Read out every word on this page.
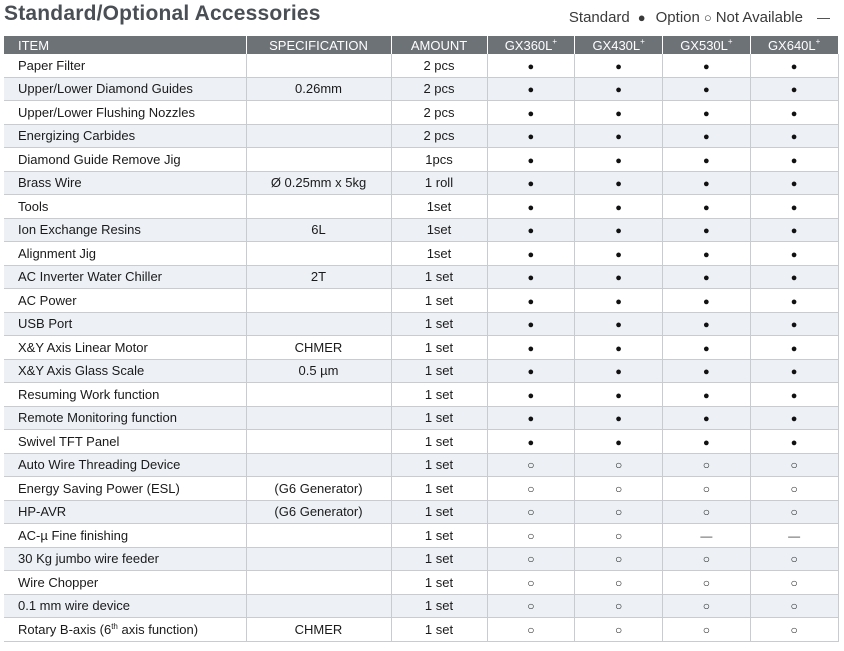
Standard/Optional Accessories	Standard ● Option ○ Not Available —
ITEM	SPECIFICATION	AMOUNT	GX360L+	GX430L+	GX530L+	GX640L+
Paper Filter		2 pcs	●	●	●	●
Upper/Lower Diamond Guides	0.26mm	2 pcs	●	●	●	●
Upper/Lower Flushing Nozzles		2 pcs	●	●	●	●
Energizing Carbides		2 pcs	●	●	●	●
Diamond Guide Remove Jig		1pcs	●	●	●	●
Brass Wire	Ø 0.25mm x 5kg	1 roll	●	●	●	●
Tools		1set	●	●	●	●
Ion Exchange Resins	6L	1set	●	●	●	●
Alignment Jig		1set	●	●	●	●
AC Inverter Water Chiller	2T	1 set	●	●	●	●
AC Power		1 set	●	●	●	●
USB Port		1 set	●	●	●	●
X&Y Axis Linear Motor	CHMER	1 set	●	●	●	●
X&Y Axis Glass Scale	0.5 µm	1 set	●	●	●	●
Resuming Work function		1 set	●	●	●	●
Remote Monitoring function		1 set	●	●	●	●
Swivel TFT Panel		1 set	●	●	●	●
Auto Wire Threading Device		1 set	○	○	○	○
Energy Saving Power (ESL)	(G6 Generator)	1 set	○	○	○	○
HP-AVR	(G6 Generator)	1 set	○	○	○	○
AC-µ Fine finishing		1 set	○	○	—	—
30 Kg jumbo wire feeder		1 set	○	○	○	○
Wire Chopper		1 set	○	○	○	○
0.1 mm wire device		1 set	○	○	○	○
Rotary B-axis (6th axis function)	CHMER	1 set	○	○	○	○
